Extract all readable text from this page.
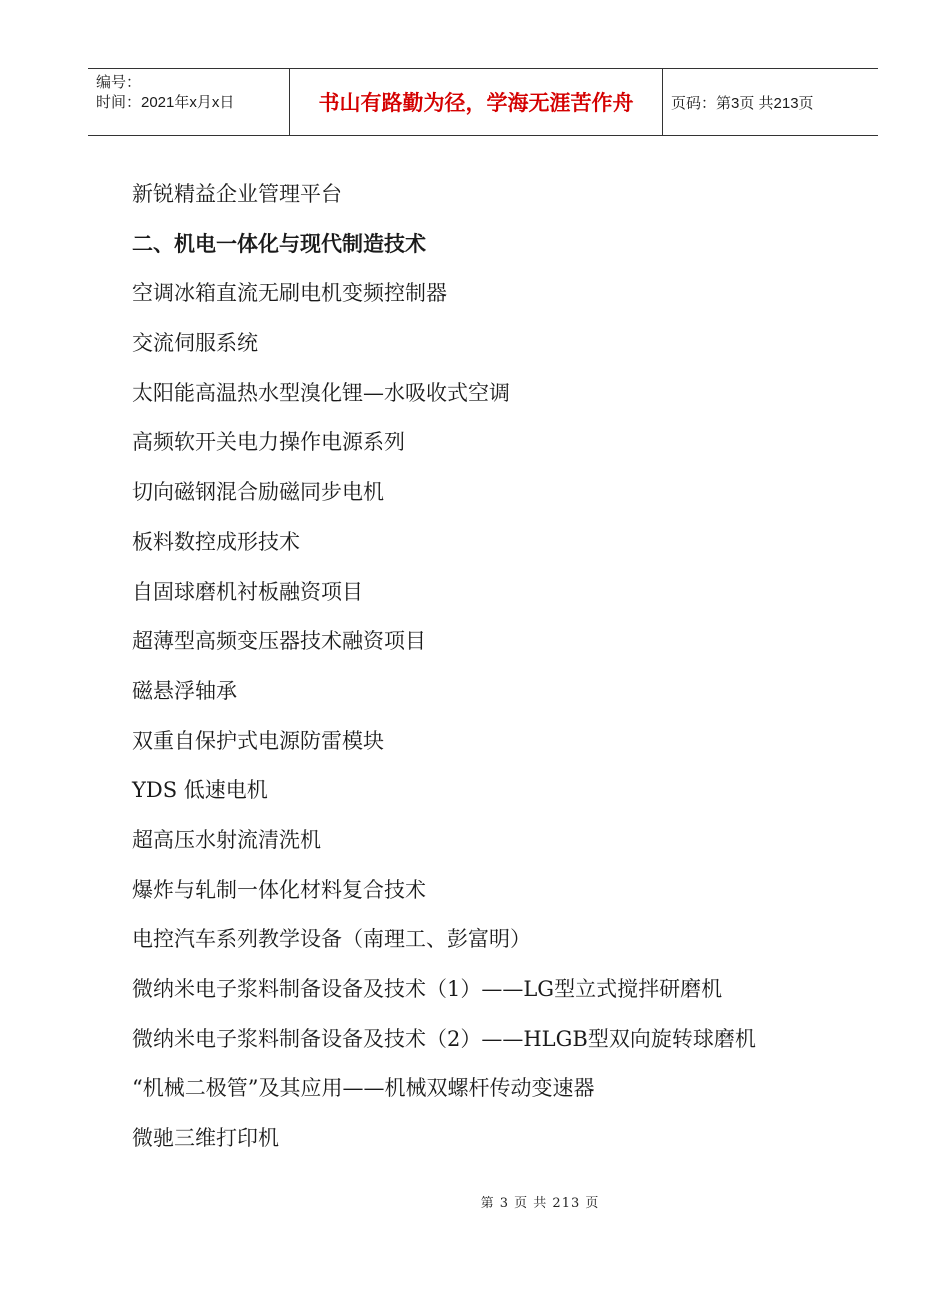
编号：
时间：2021年x月x日	书山有路勤为径，学海无涯苦作舟	页码：第3页 共213页
新锐精益企业管理平台
二、机电一体化与现代制造技术
空调冰箱直流无刷电机变频控制器
交流伺服系统
太阳能高温热水型溴化锂—水吸收式空调
高频软开关电力操作电源系列
切向磁钢混合励磁同步电机
板料数控成形技术
自固球磨机衬板融资项目
超薄型高频变压器技术融资项目
磁悬浮轴承
双重自保护式电源防雷模块
YDS 低速电机
超高压水射流清洗机
爆炸与轧制一体化材料复合技术
电控汽车系列教学设备（南理工、彭富明）
微纳米电子浆料制备设备及技术（1）——LG型立式搅拌研磨机
微纳米电子浆料制备设备及技术（2）——HLGB型双向旋转球磨机
“机械二极管”及其应用——机械双螺杆传动变速器
微驰三维打印机
第 3 页 共 213 页
